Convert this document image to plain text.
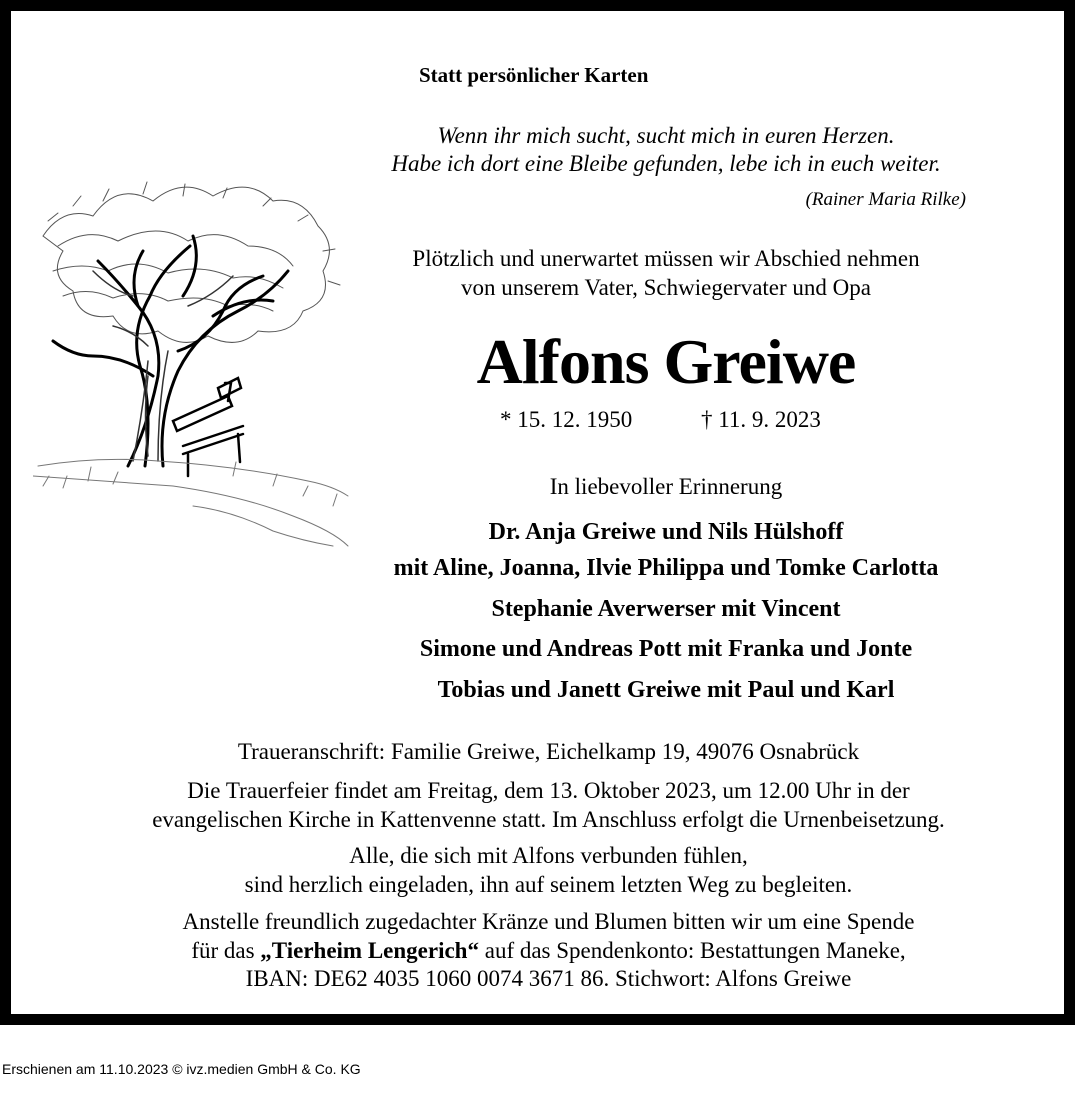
Statt persönlicher Karten
Wenn ihr mich sucht, sucht mich in euren Herzen.
Habe ich dort eine Bleibe gefunden, lebe ich in euch weiter.
(Rainer Maria Rilke)
Plötzlich und unerwartet müssen wir Abschied nehmen
von unserem Vater, Schwiegervater und Opa
Alfons Greiwe
* 15. 12. 1950	† 11. 9. 2023
In liebevoller Erinnerung
Dr. Anja Greiwe und Nils Hülshoff
mit Aline, Joanna, Ilvie Philippa und Tomke Carlotta
Stephanie Averwerser mit Vincent
Simone und Andreas Pott mit Franka und Jonte
Tobias und Janett Greiwe mit Paul und Karl
Traueranschrift: Familie Greiwe, Eichelkamp 19, 49076 Osnabrück
Die Trauerfeier findet am Freitag, dem 13. Oktober 2023, um 12.00 Uhr in der
evangelischen Kirche in Kattenvenne statt. Im Anschluss erfolgt die Urnenbeisetzung.
Alle, die sich mit Alfons verbunden fühlen,
sind herzlich eingeladen, ihn auf seinem letzten Weg zu begleiten.
Anstelle freundlich zugedachter Kränze und Blumen bitten wir um eine Spende
für das „Tierheim Lengerich“ auf das Spendenkonto: Bestattungen Maneke,
IBAN: DE62 4035 1060 0074 3671 86. Stichwort: Alfons Greiwe
Erschienen am 11.10.2023 © ivz.medien GmbH & Co. KG
